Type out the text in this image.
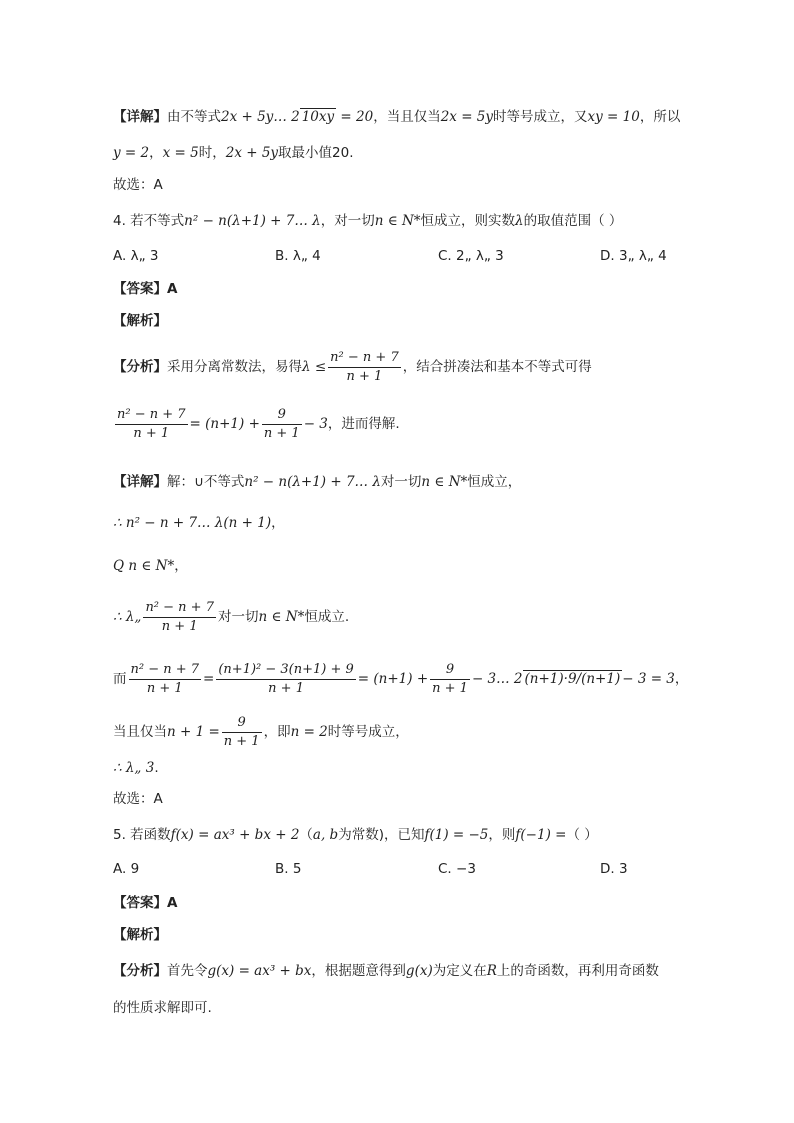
【详解】由不等式2x + 5y… 2 10xy = 20，当且仅当2x = 5y时等号成立，又xy = 10，所以
y = 2，x = 5时，2x + 5y取最小值20.
故选：A
4. 若不等式n² − n(λ+1) + 7… λ，对一切n ∈ N*恒成立，则实数λ的取值范围（ ）
A. λ„ 3	B. λ„ 4	C. 2„ λ„ 3	D. 3„ λ„ 4
【答案】A
【解析】
【分析】采用分离常数法，易得$\lambda \le \frac{\text{n² − n + 7}}{n + 1}$ ，结合拼凑法和基本不等式可得
$\frac{\text{n² − n + 7}}{n + 1} = (n+1) + \frac{9}{n + 1} - 3$，进而得解.
【详解】解：∪不等式n² − n(λ+1) + 7… λ对一切n ∈ N*恒成立，
∴ n² − n + 7… λ(n + 1)，
Q n ∈ N*，
∴ λ„ $\frac{\text{n² − n + 7}}{n + 1}$ 对一切n ∈ N*恒成立.
而 $\frac{\text{n² − n + 7}}{n + 1} = \frac{\text{(n+1)² − 3(n+1) + 9}}{n + 1} = (n+1) + \frac{9}{n + 1}$ − 3… 2 (n+1)·9/(n+1) − 3 = 3，
当且仅当$n + 1 = \frac{9}{n + 1}$ ，即n = 2时等号成立，
∴ λ„ 3.
故选：A
5. 若函数f(x) = ax³ + bx + 2（a, b为常数)，已知f(1) = −5，则f(−1) =（ ）
A. 9	B. 5	C. −3	D. 3
【答案】A
【解析】
【分析】首先令g(x) = ax³ + bx，根据题意得到g(x)为定义在R上的奇函数，再利用奇函数
的性质求解即可.
